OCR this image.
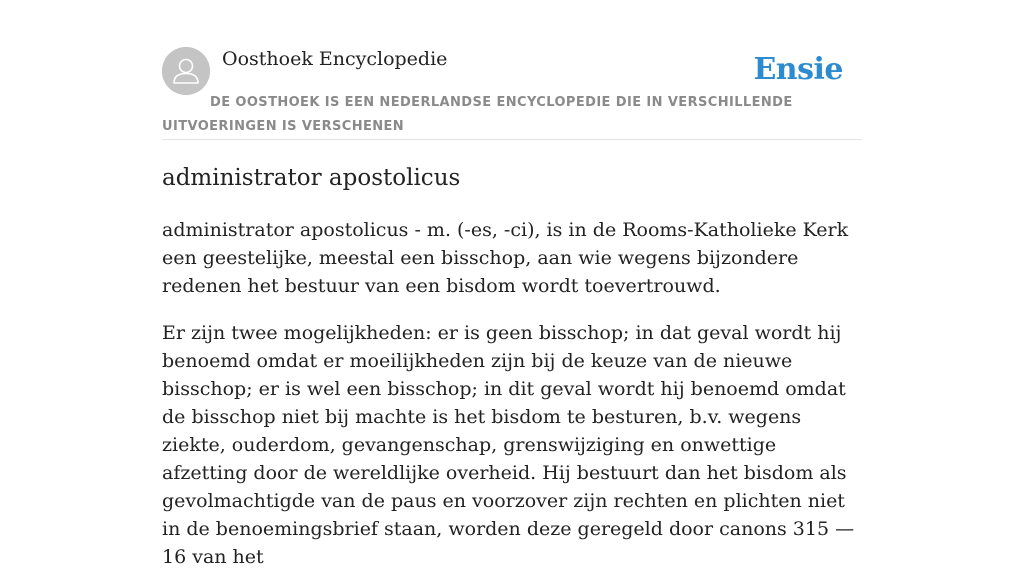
Oosthoek Encyclopedie	Ensie
DE OOSTHOEK IS EEN NEDERLANDSE ENCYCLOPEDIE DIE IN VERSCHILLENDE UITVOERINGEN IS VERSCHENEN
administrator apostolicus

administrator apostolicus - m. (-es, -ci), is in de Rooms-Katholieke Kerk een geestelijke, meestal een bisschop, aan wie wegens bijzondere redenen het bestuur van een bisdom wordt toevertrouwd.

Er zijn twee mogelijkheden: er is geen bisschop; in dat geval wordt hij benoemd omdat er moeilijkheden zijn bij de keuze van de nieuwe bisschop; er is wel een bisschop; in dit geval wordt hij benoemd omdat de bisschop niet bij machte is het bisdom te besturen, b.v. wegens ziekte, ouderdom, gevangenschap, grenswijziging en onwettige afzetting door de wereldlijke overheid. Hij bestuurt dan het bisdom als gevolmachtigde van de paus en voorzover zijn rechten en plichten niet in de benoemingsbrief staan, worden deze geregeld door canons 315 — 16 van het
